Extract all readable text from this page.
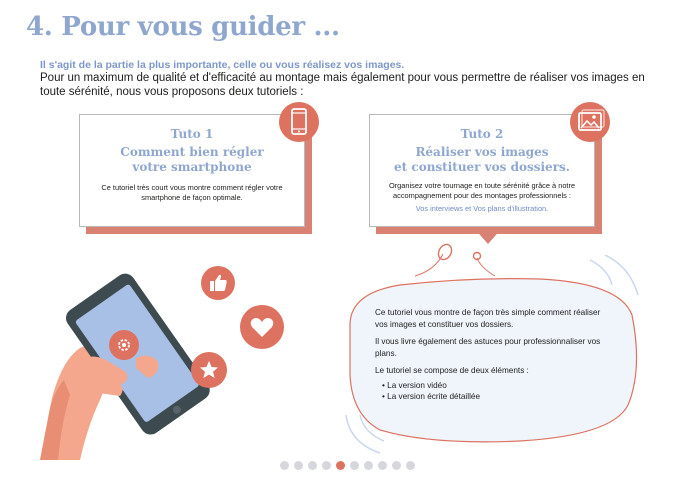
4. Pour vous guider ...
Il s'agit de la partie la plus importante, celle ou vous réalisez vos images.
Pour un maximum de qualité et d'efficacité au montage mais également pour vous permettre de réaliser vos images en toute sérénité, nous vous proposons deux tutoriels :
Tuto 1
Comment bien régler votre smartphone
Ce tutoriel très court vous montre comment régler votre smartphone de façon optimale.
Tuto 2
Réaliser vos images
et constituer vos dossiers.
Organisez votre tournage en toute sérénité grâce à notre accompagnement pour des montages professionnels :
Vos interviews et Vos plans d'illustration.

Ce tutoriel vous montre de façon très simple comment réaliser vos images et constituer vos dossiers.

Il vous livre également des astuces pour professionnaliser vos plans.

Le tutoriel se compose de deux éléments :

• La version vidéo
• La version écrite détaillée
